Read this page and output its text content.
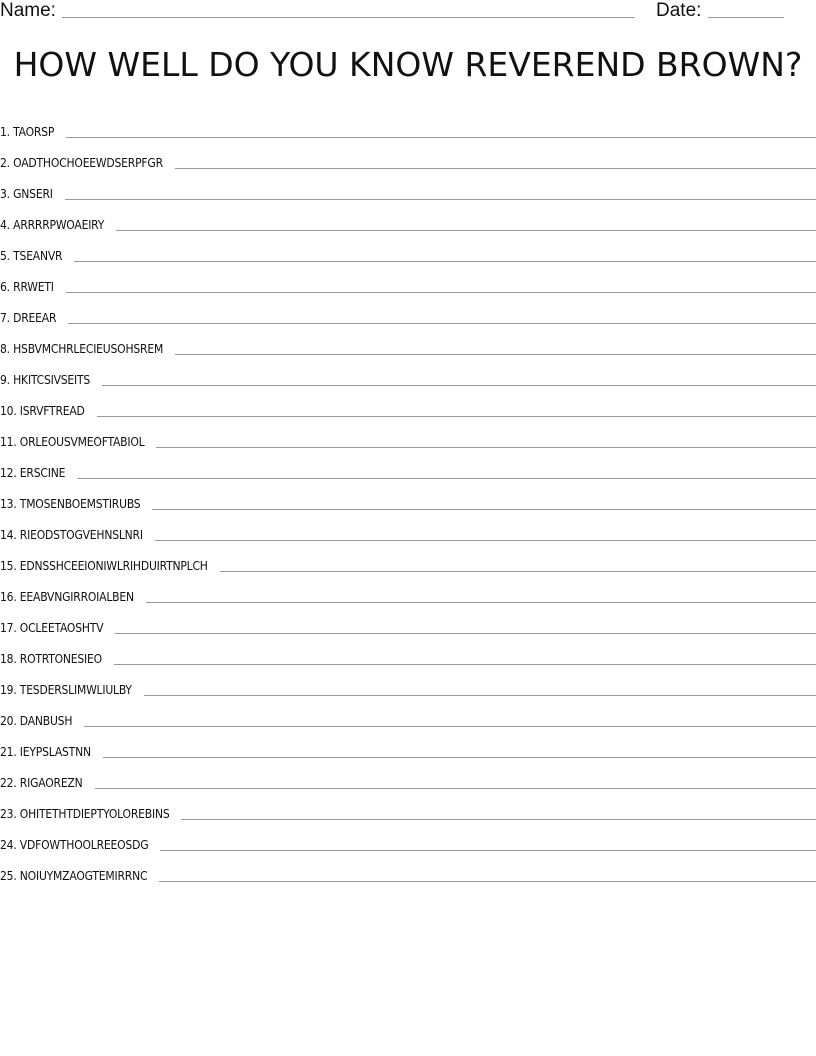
Name:	Date:
HOW WELL DO YOU KNOW REVEREND BROWN?
1. TAORSP
2. OADTHOCHOEEWDSERPFGR
3. GNSERI
4. ARRRRPWOAEIRY
5. TSEANVR
6. RRWETI
7. DREEAR
8. HSBVMCHRLECIEUSOHSREM
9. HKITCSIVSEITS
10. ISRVFTREAD
11. ORLEOUSVMEOFTABIOL
12. ERSCINE
13. TMOSENBOEMSTIRUBS
14. RIEODSTOGVEHNSLNRI
15. EDNSSHCEEIONIWLRIHDUIRTNPLCH
16. EEABVNGIRROIALBEN
17. OCLEETAOSHTV
18. ROTRTONESIEO
19. TESDERSLIMWLIULBY
20. DANBUSH
21. IEYPSLASTNN
22. RIGAOREZN
23. OHITETHTDIEPTYOLOREBINS
24. VDFOWTHOOLREEOSDG
25. NOIUYMZAOGTEMIRRNC
